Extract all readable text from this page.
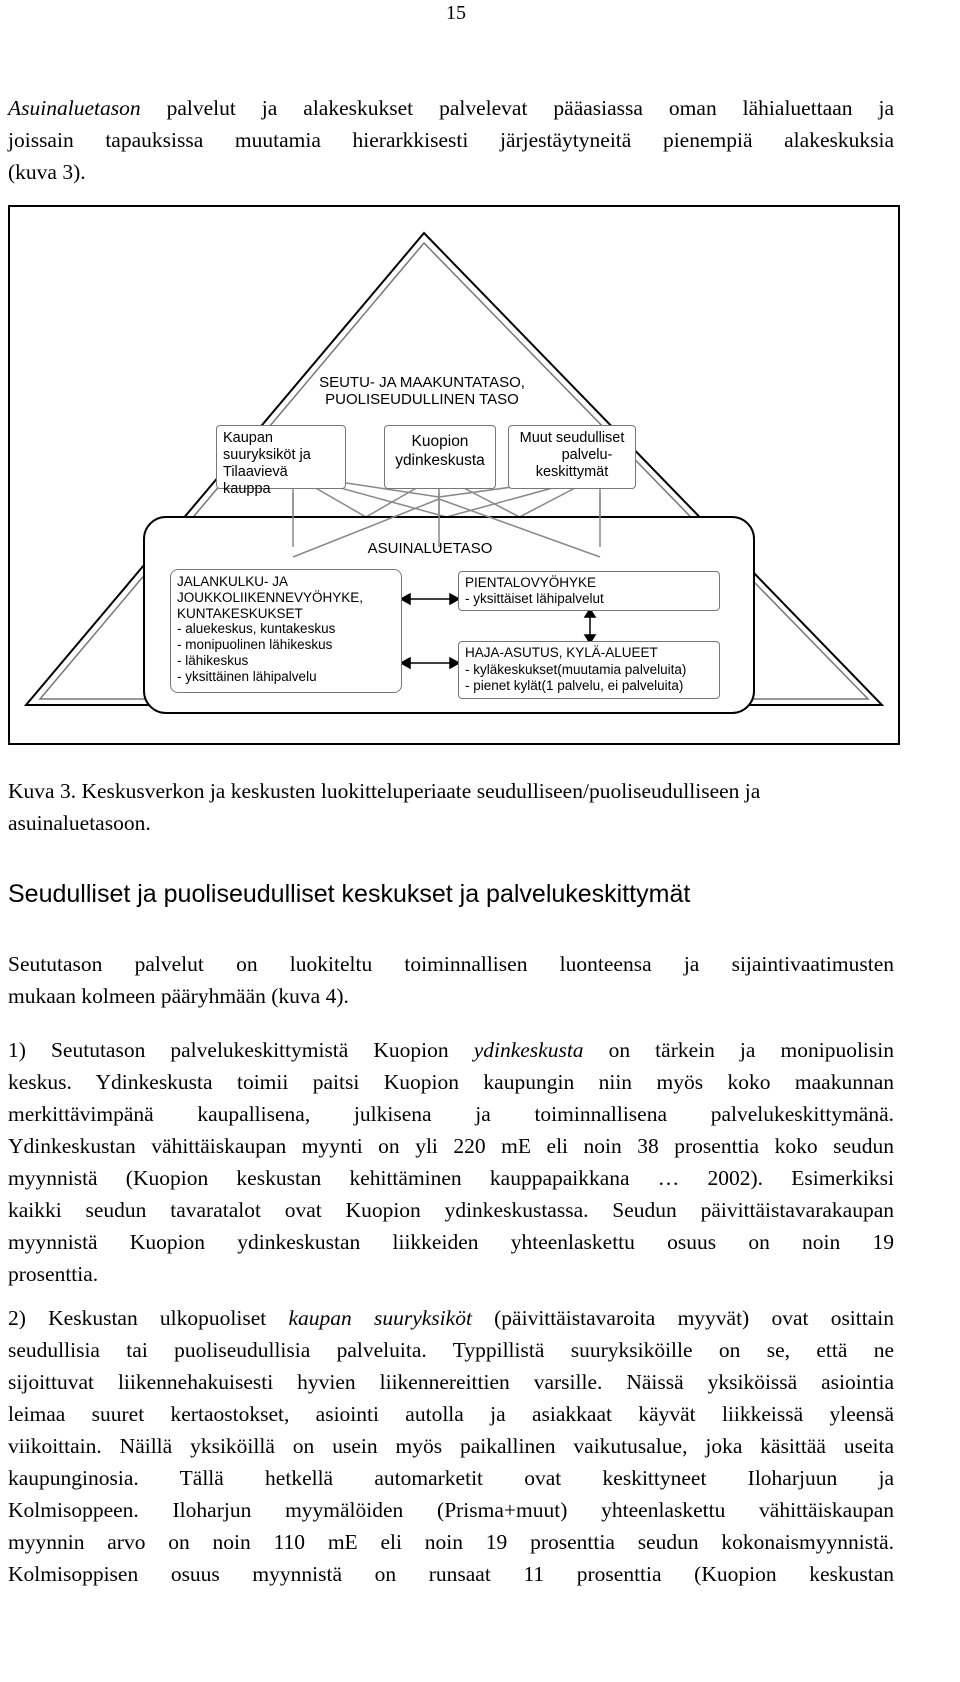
15
Asuinaluetason palvelut ja alakeskukset palvelevat pääasiassa oman lähialuettaan ja
joissain tapauksissa muutamia hierarkkisesti järjestäytyneitä pienempiä alakeskuksia
(kuva 3).
SEUTU- JA MAAKUNTATASO,
PUOLISEUDULLINEN TASO
Kaupan
suuryksiköt ja
Tilaavievä kauppa
Kuopion
ydinkeskusta
Muut seudulliset
palvelu-
keskittymät
ASUINALUETASO
JALANKULKU- JA
JOUKKOLIIKENNEVYÖHYKE,
KUNTAKESKUKSET
- aluekeskus, kuntakeskus
- monipuolinen lähikeskus
- lähikeskus
- yksittäinen lähipalvelu
PIENTALOVYÖHYKE
- yksittäiset lähipalvelut
HAJA-ASUTUS, KYLÄ-ALUEET
- kyläkeskukset(muutamia palveluita)
- pienet kylät(1 palvelu, ei palveluita)
Kuva 3. Keskusverkon ja keskusten luokitteluperiaate seudulliseen/puoliseudulliseen ja
asuinaluetasoon.
Seudulliset ja puoliseudulliset keskukset ja palvelukeskittymät
Seututason palvelut on luokiteltu toiminnallisen luonteensa ja sijaintivaatimusten
mukaan kolmeen pääryhmään (kuva 4).
1) Seututason palvelukeskittymistä Kuopion ydinkeskusta on tärkein ja monipuolisin
keskus. Ydinkeskusta toimii paitsi Kuopion kaupungin niin myös koko maakunnan
merkittävimpänä kaupallisena, julkisena ja toiminnallisena palvelukeskittymänä.
Ydinkeskustan vähittäiskaupan myynti on yli 220 mE eli noin 38 prosenttia koko seudun
myynnistä (Kuopion keskustan kehittäminen kauppapaikkana … 2002). Esimerkiksi
kaikki seudun tavaratalot ovat Kuopion ydinkeskustassa. Seudun päivittäistavarakaupan
myynnistä Kuopion ydinkeskustan liikkeiden yhteenlaskettu osuus on noin 19
prosenttia.
2) Keskustan ulkopuoliset kaupan suuryksiköt (päivittäistavaroita myyvät) ovat osittain
seudullisia tai puoliseudullisia palveluita. Typpillistä suuryksiköille on se, että ne
sijoittuvat liikennehakuisesti hyvien liikennereittien varsille. Näissä yksiköissä asiointia
leimaa suuret kertaostokset, asiointi autolla ja asiakkaat käyvät liikkeissä yleensä
viikoittain. Näillä yksiköillä on usein myös paikallinen vaikutusalue, joka käsittää useita
kaupunginosia. Tällä hetkellä automarketit ovat keskittyneet Iloharjuun ja
Kolmisoppeen. Iloharjun myymälöiden (Prisma+muut) yhteenlaskettu vähittäiskaupan
myynnin arvo on noin 110 mE eli noin 19 prosenttia seudun kokonaismyynnistä.
Kolmisoppisen osuus myynnistä on runsaat 11 prosenttia (Kuopion keskustan
